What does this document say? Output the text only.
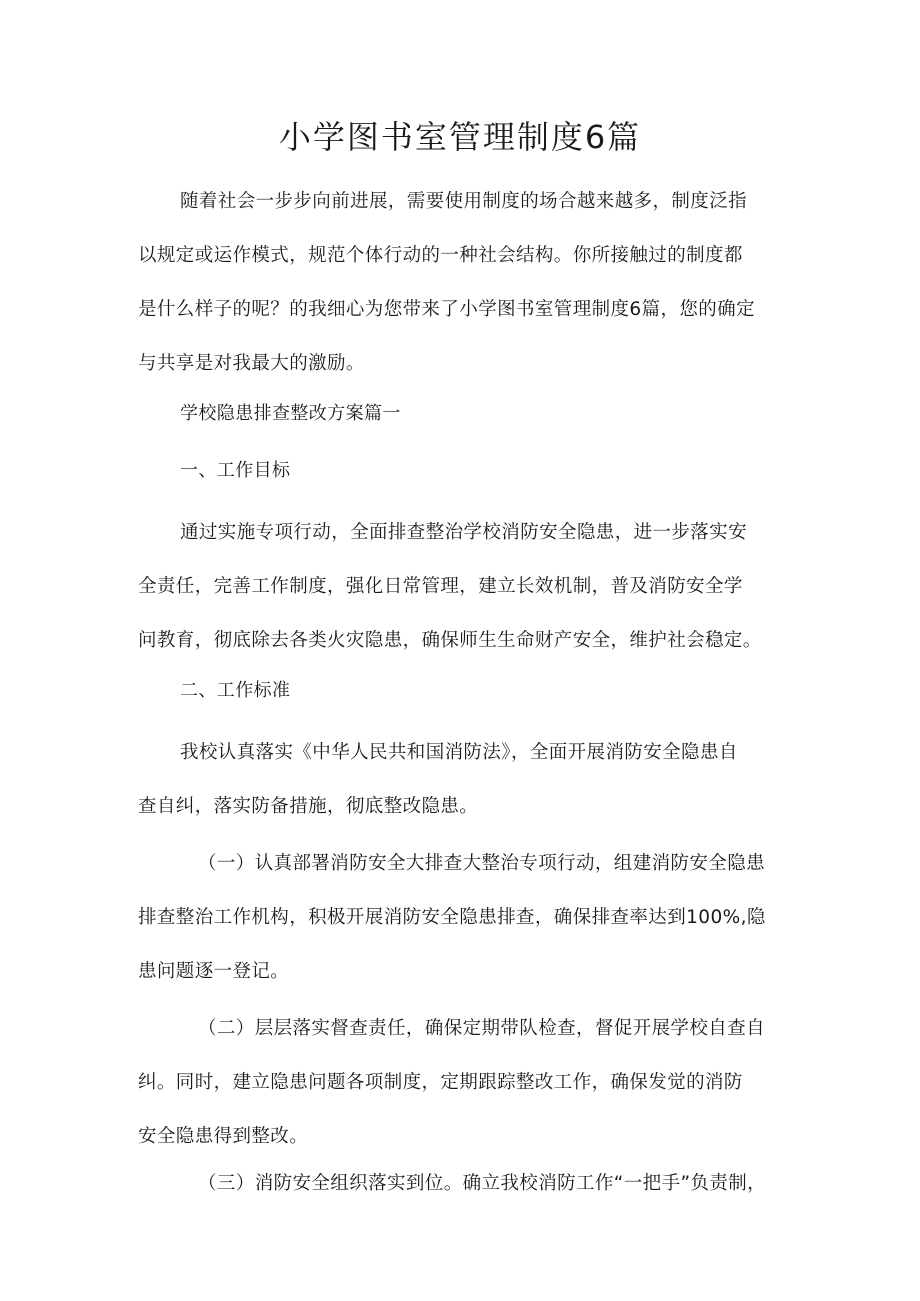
小学图书室管理制度6篇

随着社会一步步向前进展，需要使用制度的场合越来越多，制度泛指
以规定或运作模式，规范个体行动的一种社会结构。你所接触过的制度都
是什么样子的呢？的我细心为您带来了小学图书室管理制度6篇，您的确定
与共享是对我最大的激励。

学校隐患排查整改方案篇一

一、工作目标

通过实施专项行动，全面排查整治学校消防安全隐患，进一步落实安
全责任，完善工作制度，强化日常管理，建立长效机制，普及消防安全学
问教育，彻底除去各类火灾隐患，确保师生生命财产安全，维护社会稳定。

二、工作标准

我校认真落实《中华人民共和国消防法》，全面开展消防安全隐患自
查自纠，落实防备措施，彻底整改隐患。

（一）认真部署消防安全大排查大整治专项行动，组建消防安全隐患
排查整治工作机构，积极开展消防安全隐患排查，确保排查率达到100%,隐
患问题逐一登记。

（二）层层落实督查责任，确保定期带队检查，督促开展学校自查自
纠。同时，建立隐患问题各项制度，定期跟踪整改工作，确保发觉的消防
安全隐患得到整改。

（三）消防安全组织落实到位。确立我校消防工作“一把手”负责制，
